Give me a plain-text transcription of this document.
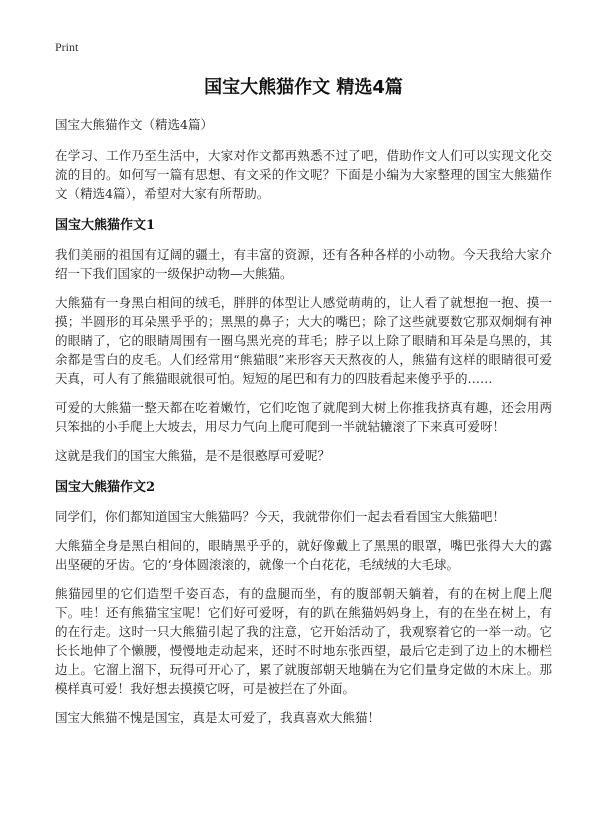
Print
国宝大熊猫作文 精选4篇

国宝大熊猫作文（精选4篇）

在学习、工作乃至生活中，大家对作文都再熟悉不过了吧，借助作文人们可以实现文化交流的目的。如何写一篇有思想、有文采的作文呢？下面是小编为大家整理的国宝大熊猫作文（精选4篇），希望对大家有所帮助。

国宝大熊猫作文1

我们美丽的祖国有辽阔的疆土，有丰富的资源，还有各种各样的小动物。今天我给大家介绍一下我们国家的一级保护动物—大熊猫。

大熊猫有一身黑白相间的绒毛，胖胖的体型让人感觉萌萌的，让人看了就想抱一抱、摸一摸；半圆形的耳朵黑乎乎的；黑黑的鼻子；大大的嘴巴；除了这些就要数它那双炯炯有神的眼睛了，它的眼睛周围有一圈乌黑光亮的茸毛；脖子以上除了眼睛和耳朵是乌黑的，其余都是雪白的皮毛。人们经常用“熊猫眼”来形容天天熬夜的人，熊猫有这样的眼睛很可爱天真，可人有了熊猫眼就很可怕。短短的尾巴和有力的四肢看起来傻乎乎的……

可爱的大熊猫一整天都在吃着嫩竹，它们吃饱了就爬到大树上你推我挤真有趣，还会用两只笨拙的小手爬上大坡去，用尽力气向上爬可爬到一半就轱辘滚了下来真可爱呀！

这就是我们的国宝大熊猫，是不是很憨厚可爱呢？

国宝大熊猫作文2

同学们，你们都知道国宝大熊猫吗？今天，我就带你们一起去看看国宝大熊猫吧！

大熊猫全身是黑白相间的，眼睛黑乎乎的，就好像戴上了黑黑的眼罩，嘴巴张得大大的露出坚硬的牙齿。它的‘身体圆滚滚的，就像一个白花花，毛绒绒的大毛球。

熊猫园里的它们造型千姿百态，有的盘腿而坐，有的腹部朝天躺着，有的在树上爬上爬下。哇！还有熊猫宝宝呢！它们好可爱呀，有的趴在熊猫妈妈身上，有的在坐在树上，有的在行走。这时一只大熊猫引起了我的注意，它开始活动了，我观察着它的一举一动。它长长地伸了个懒腰，慢慢地走动起来，还时不时地东张西望，最后它走到了边上的木栅栏边上。它溜上溜下，玩得可开心了，累了就腹部朝天地躺在为它们量身定做的木床上。那模样真可爱！我好想去摸摸它呀，可是被拦在了外面。

国宝大熊猫不愧是国宝，真是太可爱了，我真喜欢大熊猫！
